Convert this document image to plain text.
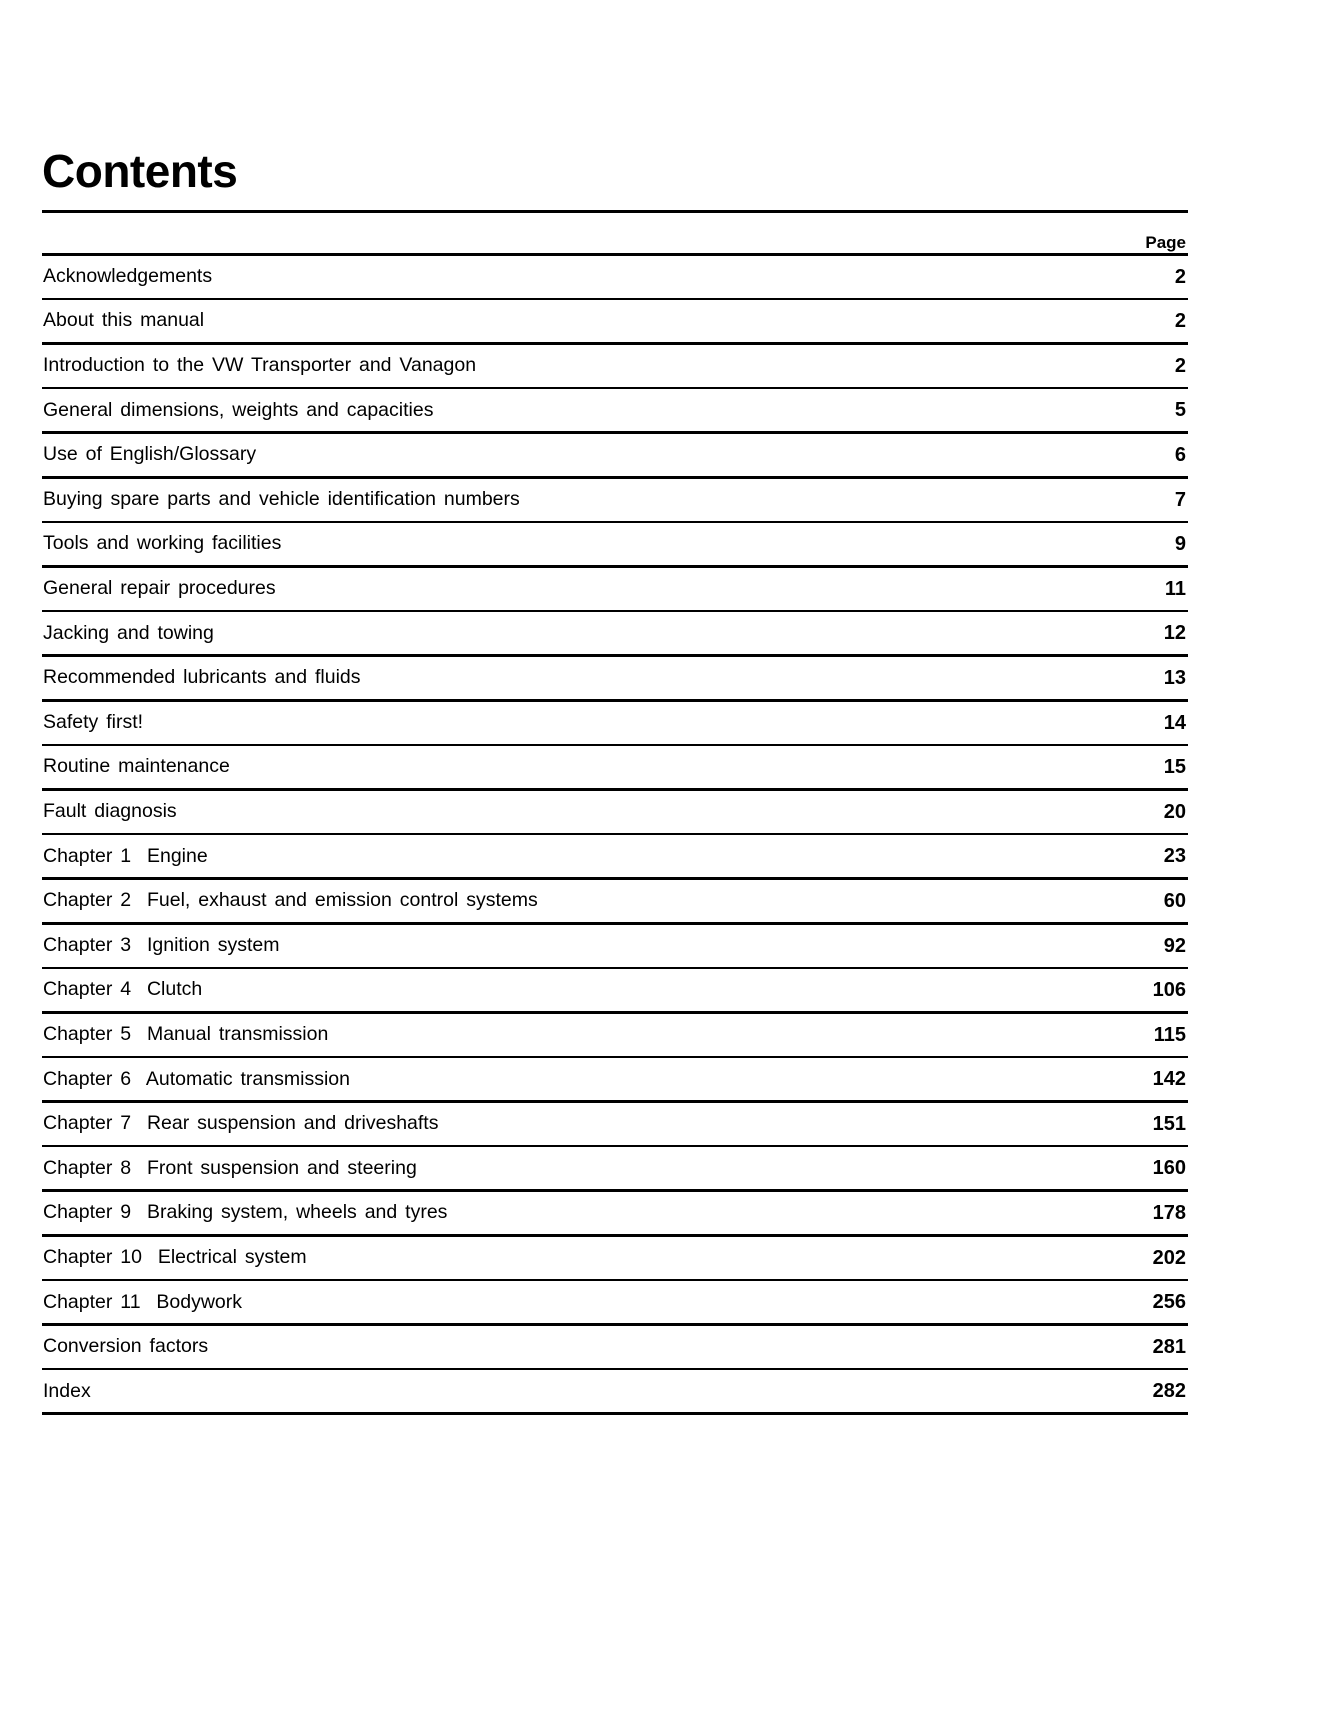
Contents
Page
Acknowledgements	2
About this manual	2
Introduction to the VW Transporter and Vanagon	2
General dimensions, weights and capacities	5
Use of English/Glossary	6
Buying spare parts and vehicle identification numbers	7
Tools and working facilities	9
General repair procedures	11
Jacking and towing	12
Recommended lubricants and fluids	13
Safety first!	14
Routine maintenance	15
Fault diagnosis	20
Chapter 1  Engine	23
Chapter 2  Fuel, exhaust and emission control systems	60
Chapter 3  Ignition system	92
Chapter 4  Clutch	106
Chapter 5  Manual transmission	115
Chapter 6  Automatic transmission	142
Chapter 7  Rear suspension and driveshafts	151
Chapter 8  Front suspension and steering	160
Chapter 9  Braking system, wheels and tyres	178
Chapter 10  Electrical system	202
Chapter 11  Bodywork	256
Conversion factors	281
Index	282
